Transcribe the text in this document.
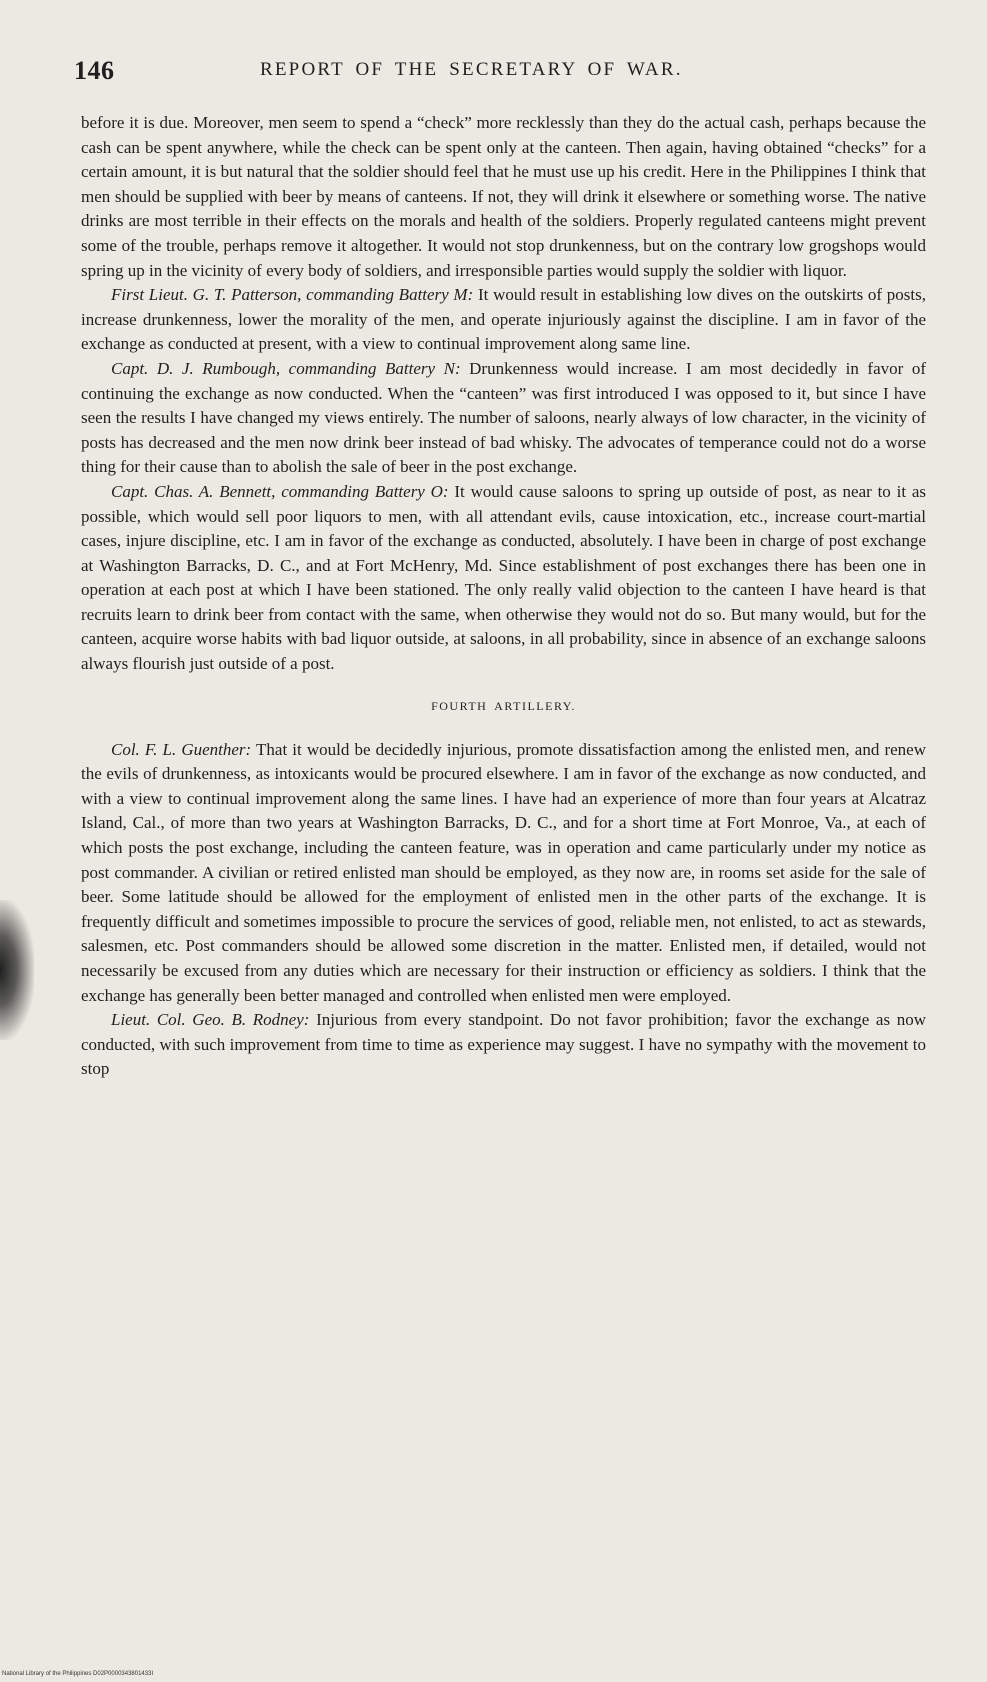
146	REPORT OF THE SECRETARY OF WAR.

before it is due. Moreover, men seem to spend a “check” more recklessly than they do the actual cash, perhaps because the cash can be spent anywhere, while the check can be spent only at the canteen. Then again, having obtained “checks” for a certain amount, it is but natural that the soldier should feel that he must use up his credit. Here in the Philippines I think that men should be supplied with beer by means of canteens. If not, they will drink it elsewhere or something worse. The native drinks are most terrible in their effects on the morals and health of the soldiers. Properly regulated canteens might prevent some of the trouble, perhaps remove it altogether. It would not stop drunkenness, but on the contrary low grogshops would spring up in the vicinity of every body of soldiers, and irresponsible parties would supply the soldier with liquor.

First Lieut. G. T. Patterson, commanding Battery M: It would result in establishing low dives on the outskirts of posts, increase drunkenness, lower the morality of the men, and operate injuriously against the discipline. I am in favor of the exchange as conducted at present, with a view to continual improvement along same line.

Capt. D. J. Rumbough, commanding Battery N: Drunkenness would increase. I am most decidedly in favor of continuing the exchange as now conducted. When the “canteen” was first introduced I was opposed to it, but since I have seen the results I have changed my views entirely. The number of saloons, nearly always of low character, in the vicinity of posts has decreased and the men now drink beer instead of bad whisky. The advocates of temperance could not do a worse thing for their cause than to abolish the sale of beer in the post exchange.

Capt. Chas. A. Bennett, commanding Battery O: It would cause saloons to spring up outside of post, as near to it as possible, which would sell poor liquors to men, with all attendant evils, cause intoxication, etc., increase court-martial cases, injure discipline, etc. I am in favor of the exchange as conducted, absolutely. I have been in charge of post exchange at Washington Barracks, D. C., and at Fort McHenry, Md. Since establishment of post exchanges there has been one in operation at each post at which I have been stationed. The only really valid objection to the canteen I have heard is that recruits learn to drink beer from contact with the same, when otherwise they would not do so. But many would, but for the canteen, acquire worse habits with bad liquor outside, at saloons, in all probability, since in absence of an exchange saloons always flourish just outside of a post.

FOURTH ARTILLERY.

Col. F. L. Guenther: That it would be decidedly injurious, promote dissatisfaction among the enlisted men, and renew the evils of drunkenness, as intoxicants would be procured elsewhere. I am in favor of the exchange as now conducted, and with a view to continual improvement along the same lines. I have had an experience of more than four years at Alcatraz Island, Cal., of more than two years at Washington Barracks, D. C., and for a short time at Fort Monroe, Va., at each of which posts the post exchange, including the canteen feature, was in operation and came particularly under my notice as post commander. A civilian or retired enlisted man should be employed, as they now are, in rooms set aside for the sale of beer. Some latitude should be allowed for the employment of enlisted men in the other parts of the exchange. It is frequently difficult and sometimes impossible to procure the services of good, reliable men, not enlisted, to act as stewards, salesmen, etc. Post commanders should be allowed some discretion in the matter. Enlisted men, if detailed, would not necessarily be excused from any duties which are necessary for their instruction or efficiency as soldiers. I think that the exchange has generally been better managed and controlled when enlisted men were employed.

Lieut. Col. Geo. B. Rodney: Injurious from every standpoint. Do not favor prohibition; favor the exchange as now conducted, with such improvement from time to time as experience may suggest. I have no sympathy with the movement to stop

National Library of the Philippines D02P0000343801433I
